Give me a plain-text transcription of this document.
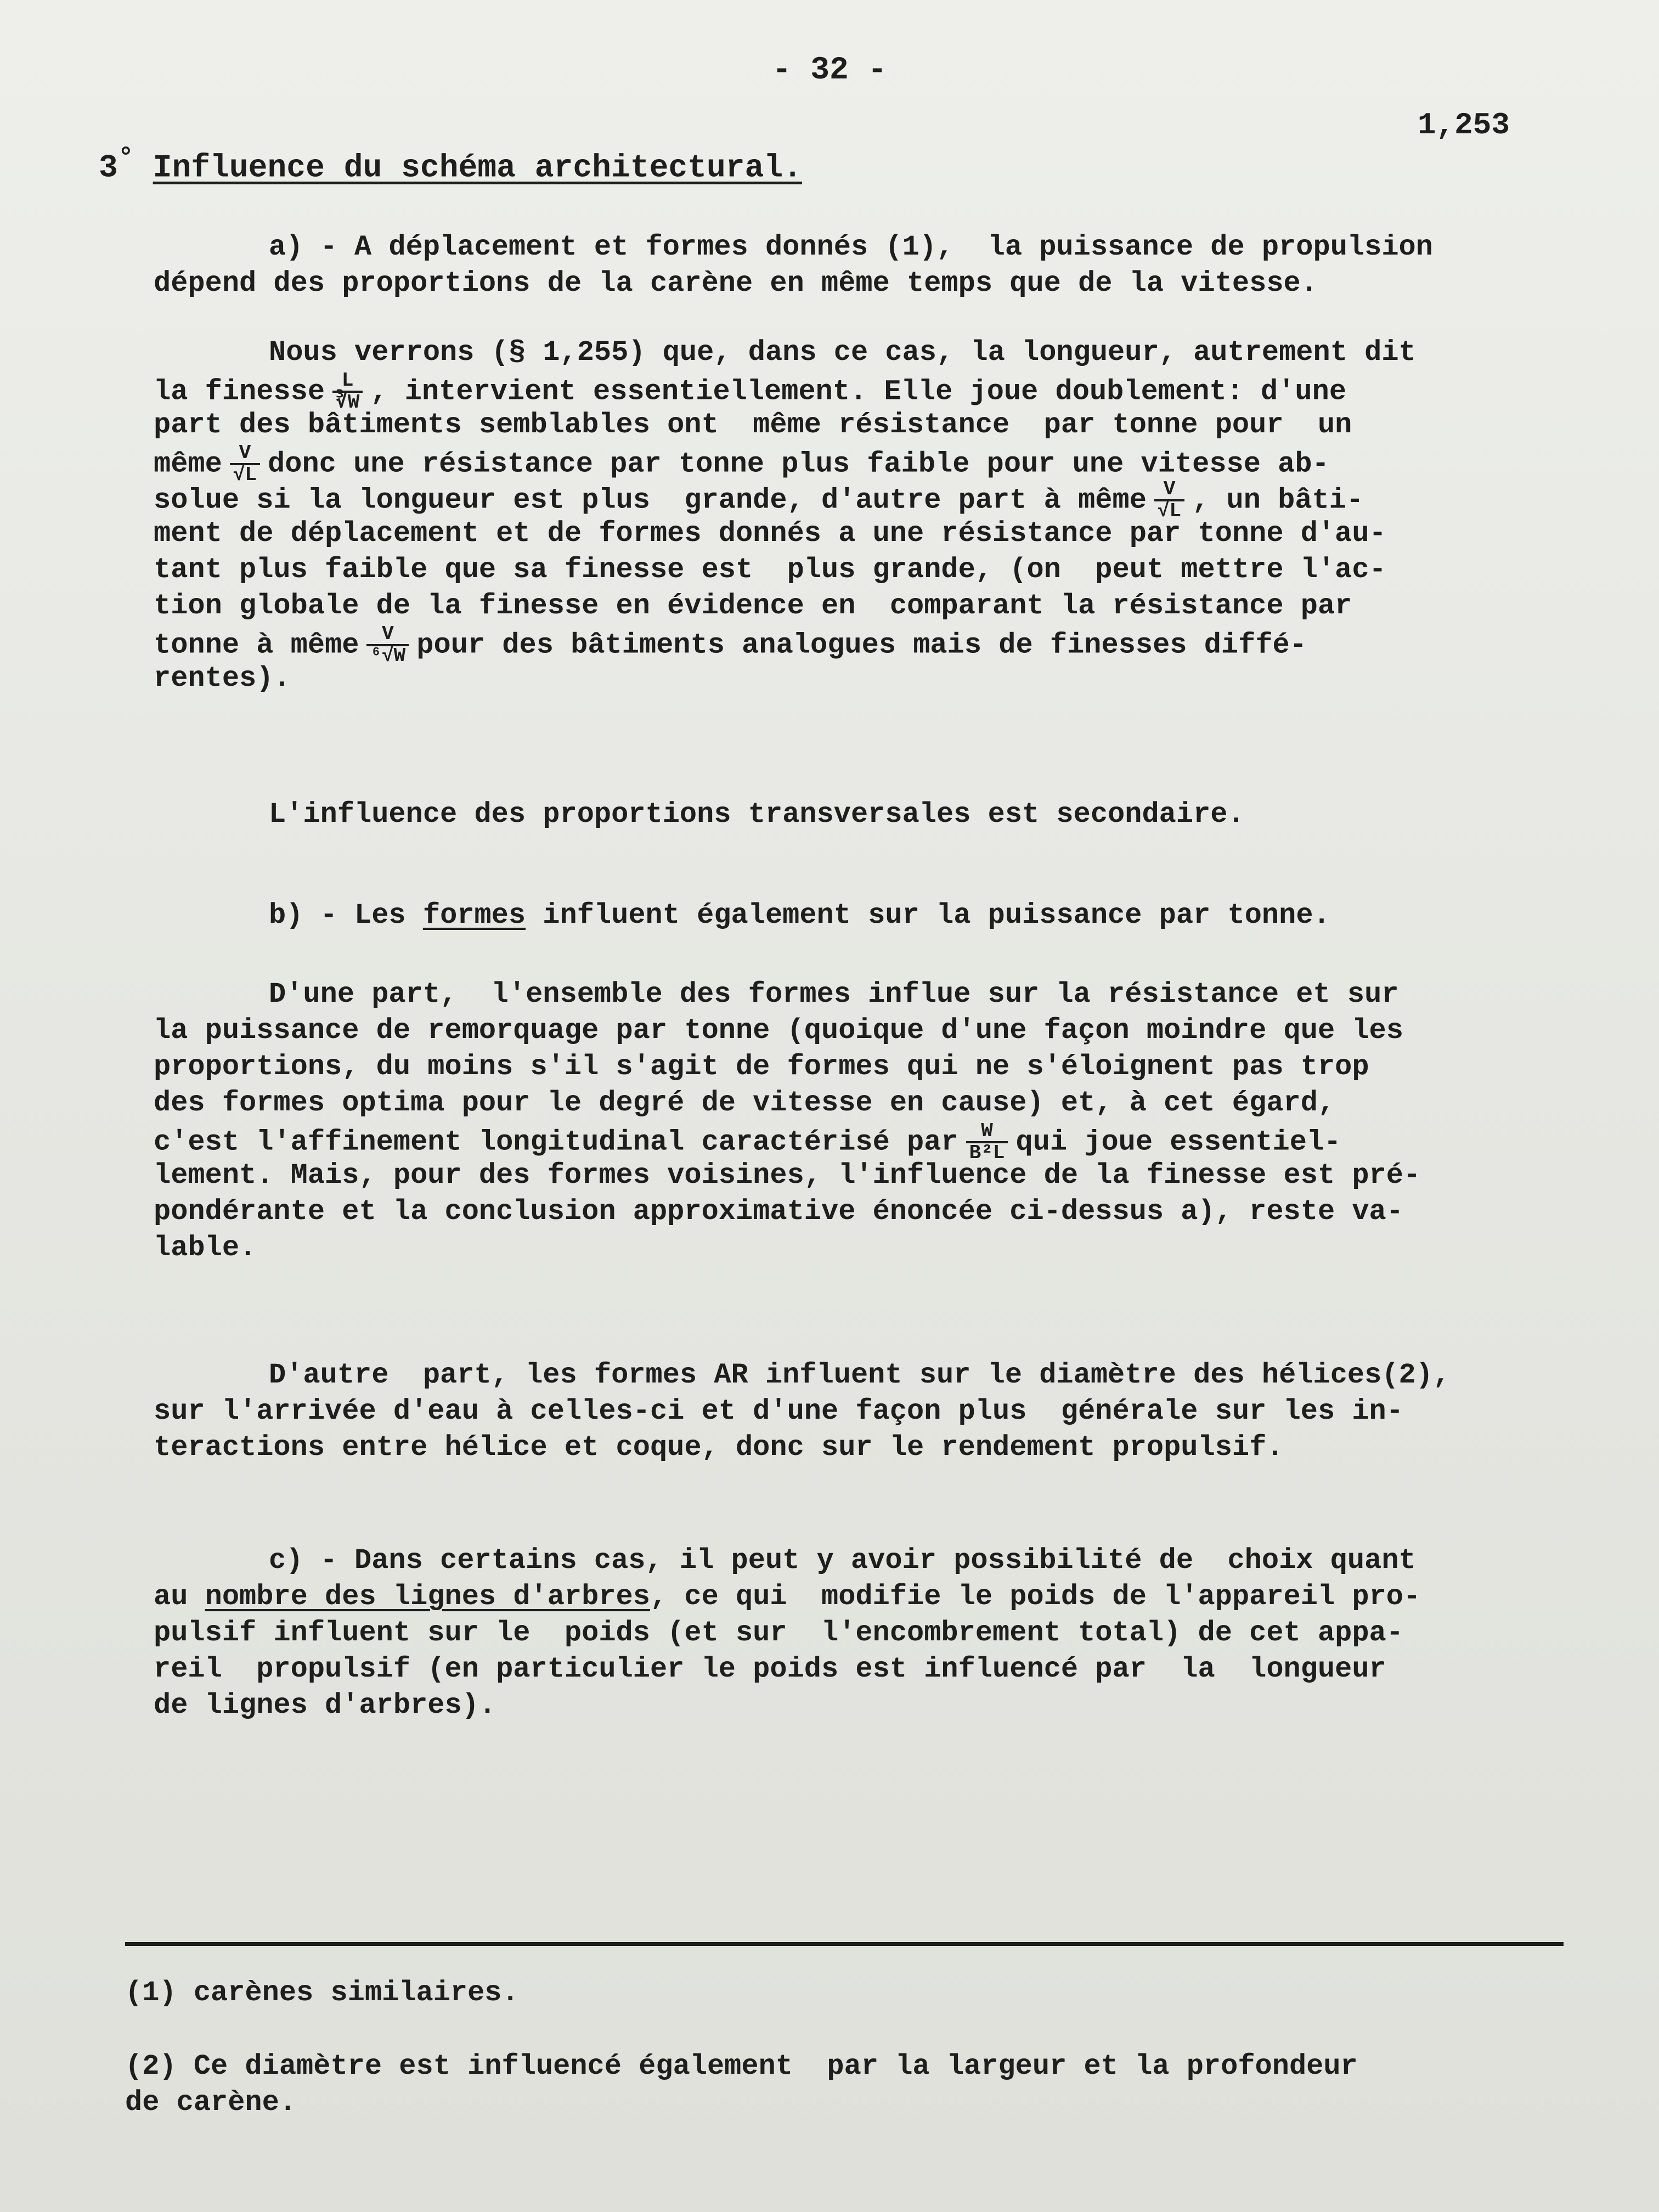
- 32 -
1,253
3° Influence du schéma architectural.
a) - A déplacement et formes donnés (1),  la puissance de propulsion
dépend des proportions de la carène en même temps que de la vitesse.
Nous verrons (§ 1,255) que, dans ce cas, la longueur, autrement dit
la finesse $\frac{L}{∛W}$ , intervient essentiellement. Elle joue doublement: d'une
part des bâtiments semblables ont  même résistance  par tonne pour  un
même $\frac{V}{√L}$ donc une résistance par tonne plus faible pour une vitesse ab-
solue si la longueur est plus  grande, d'autre part à même $\frac{V}{√L}$ , un bâti-
ment de déplacement et de formes donnés a une résistance par tonne d'au-
tant plus faible que sa finesse est  plus grande, (on  peut mettre l'ac-
tion globale de la finesse en évidence en  comparant la résistance par
tonne à même $\frac{V}{\text{⁶√W}}$ pour des bâtiments analogues mais de finesses diffé-
rentes).
L'influence des proportions transversales est secondaire.
b) - Les formes influent également sur la puissance par tonne.
D'une part,  l'ensemble des formes influe sur la résistance et sur
la puissance de remorquage par tonne (quoique d'une façon moindre que les
proportions, du moins s'il s'agit de formes qui ne s'éloignent pas trop
des formes optima pour le degré de vitesse en cause) et, à cet égard,
c'est l'affinement longitudinal caractérisé par $\frac{W}{\text{B²L}}$ qui joue essentiel-
lement. Mais, pour des formes voisines, l'influence de la finesse est pré-
pondérante et la conclusion approximative énoncée ci-dessus a), reste va-
lable.
D'autre  part, les formes AR influent sur le diamètre des hélices(2),
sur l'arrivée d'eau à celles-ci et d'une façon plus  générale sur les in-
teractions entre hélice et coque, donc sur le rendement propulsif.
c) - Dans certains cas, il peut y avoir possibilité de  choix quant
au nombre des lignes d'arbres, ce qui  modifie le poids de l'appareil pro-
pulsif influent sur le  poids (et sur  l'encombrement total) de cet appa-
reil  propulsif (en particulier le poids est influencé par  la  longueur
de lignes d'arbres).
(1) carènes similaires.
(2) Ce diamètre est influencé également  par la largeur et la profondeur
de carène.
